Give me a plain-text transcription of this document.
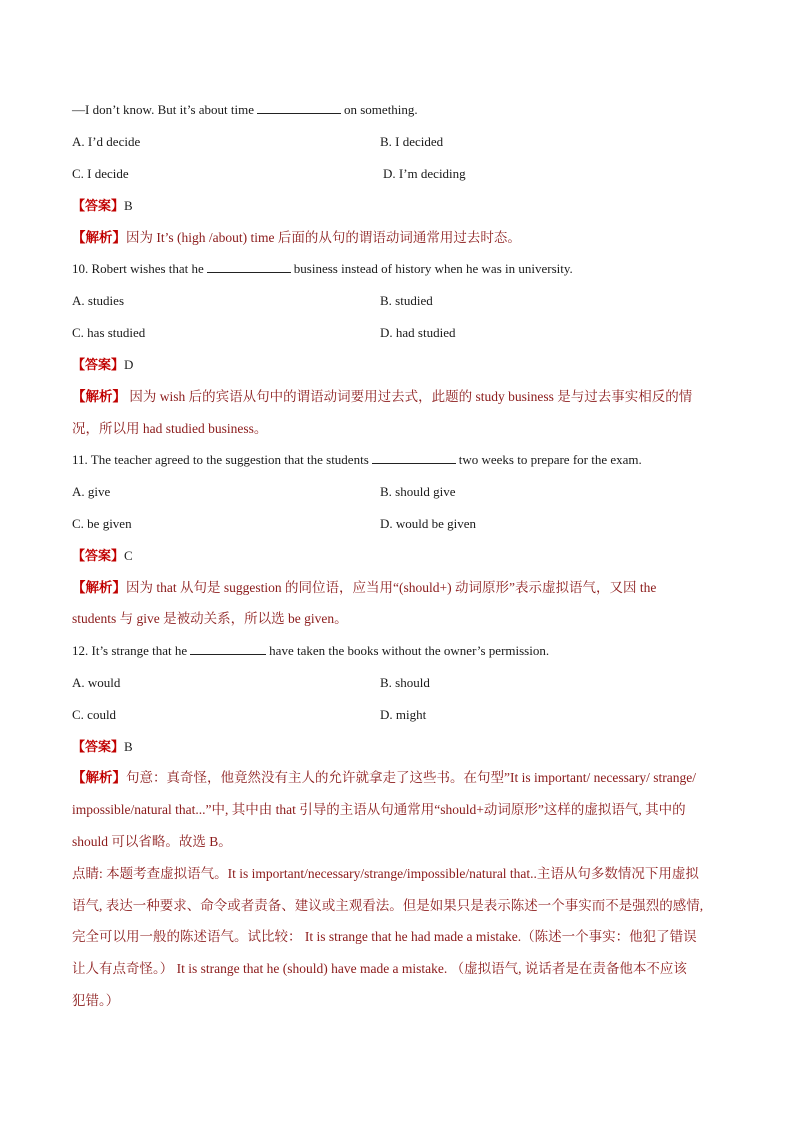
—I don’t know. But it’s about time	on something.
A. I’d decide	B. I decided
C. I decide	D. I’m deciding
【答案】B
【解析】因为 It’s (high /about) time 后面的从句的谓语动词通常用过去时态。
10. Robert wishes that he	business instead of history when he was in university.
A. studies	B. studied
C. has studied	D. had studied
【答案】D
【解析】 因为 wish 后的宾语从句中的谓语动词要用过去式，此题的 study business 是与过去事实相反的情
况，所以用 had studied business。
11. The teacher agreed to the suggestion that the students	two weeks to prepare for the exam.
A. give	B. should give
C. be given	D. would be given
【答案】C
【解析】因为 that 从句是 suggestion 的同位语，应当用“(should+) 动词原形”表示虚拟语气，又因 the
students 与 give 是被动关系，所以选 be given。
12. It’s strange that he	have taken the books without the owner’s permission.
A. would	B. should
C. could	D. might
【答案】B
【解析】句意：真奇怪，他竟然没有主人的允许就拿走了这些书。在句型”It is important/ necessary/ strange/
impossible/natural that...”中, 其中由 that 引导的主语从句通常用“should+动词原形”这样的虚拟语气, 其中的
should 可以省略。故选 B。
点睛: 本题考查虚拟语气。It is important/necessary/strange/impossible/natural that..主语从句多数情况下用虚拟
语气, 表达一种要求、命令或者责备、建议或主观看法。但是如果只是表示陈述一个事实而不是强烈的感情,
完全可以用一般的陈述语气。试比较： It is strange that he had made a mistake.（陈述一个事实：他犯了错误
让人有点奇怪。） It is strange that he (should) have made a mistake. （虚拟语气, 说话者是在责备他本不应该
犯错。）
